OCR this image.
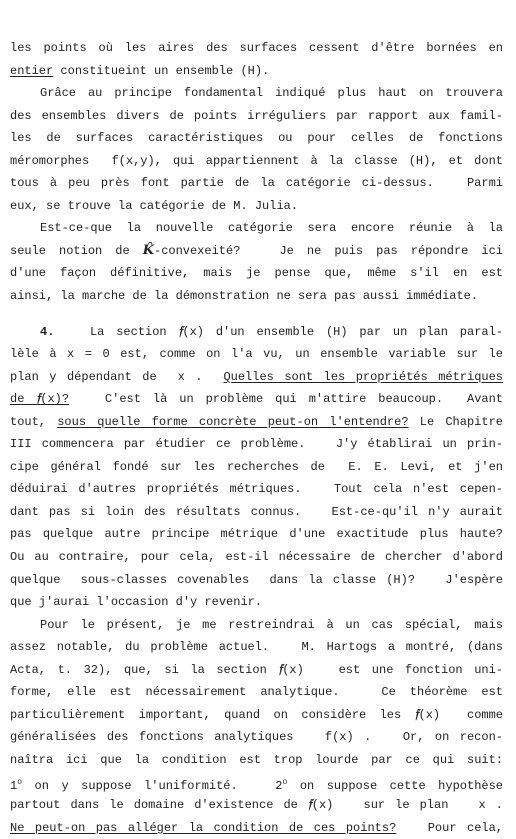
les points où les aires des surfaces cessent d'être bornées en
entier constitueint un ensemble (H).
Grâce au principe fondamental indiqué plus haut on trouvera
des ensembles divers de points irréguliers par rapport aux famil-
les de surfaces caractéristiques ou pour celles de fonctions
méromorphes  f(x,y), qui appartiennent à la classe (H), et dont
tous à peu près font partie de la catégorie ci-dessus.   Parmi
eux, se trouve la catégorie de M. Julia.
Est-ce-que la nouvelle catégorie sera encore réunie à la
seule notion de K̂-convexeité?   Je ne puis pas répondre ici
d'une façon définitive, mais je pense que, même s'il en est
ainsi, la marche de la démonstration ne sera pas aussi immédiate.
4.   La section 𝔣(x) d'un ensemble (H) par un plan paral-
lèle à x = 0 est, comme on l'a vu, un ensemble variable sur le
plan y dépendant de  x .  Quelles sont les propriétés métriques
de 𝔣(x)?   C'est là un problème qui m'attire beaucoup.  Avant
tout, sous quelle forme concrète peut-on l'entendre? Le Chapitre
III commencera par étudier ce problème.   J'y établirai un prin-
cipe général fondé sur les recherches de  E. E. Levi, et j'en
déduirai d'autres propriétés métriques.   Tout cela n'est cepen-
dant pas si loin des résultats connus.   Est-ce-qu'il n'y aurait
pas quelque autre principe métrique d'une exactitude plus haute?
Ou au contraire, pour cela, est-il nécessaire de chercher d'abord
quelque  sous-classes covenables  dans la classe (H)?   J'espère
que j'aurai l'occasion d'y revenir.
Pour le présent, je me restreindrai à un cas spécial, mais
assez notable, du problème actuel.   M. Hartogs a montré, (dans
Acta, t. 32), que, si la section 𝔣(x)   est une fonction uni-
forme, elle est nécessairement analytique.   Ce théorème est
particulièrement important, quand on considère les 𝔣(x)  comme
généralisées des fonctions analytiques   f(x) .   Or, on recon-
naîtra ici que la condition est trop lourde par ce qui suit:
1$^o$ on y suppose l'uniformité.   2$^o$ on suppose cette hypothèse
partout dans le domaine d'existence de 𝔣(x)   sur le plan   x .
Ne peut-on pas alléger la condition de ces points?   Pour cela,
